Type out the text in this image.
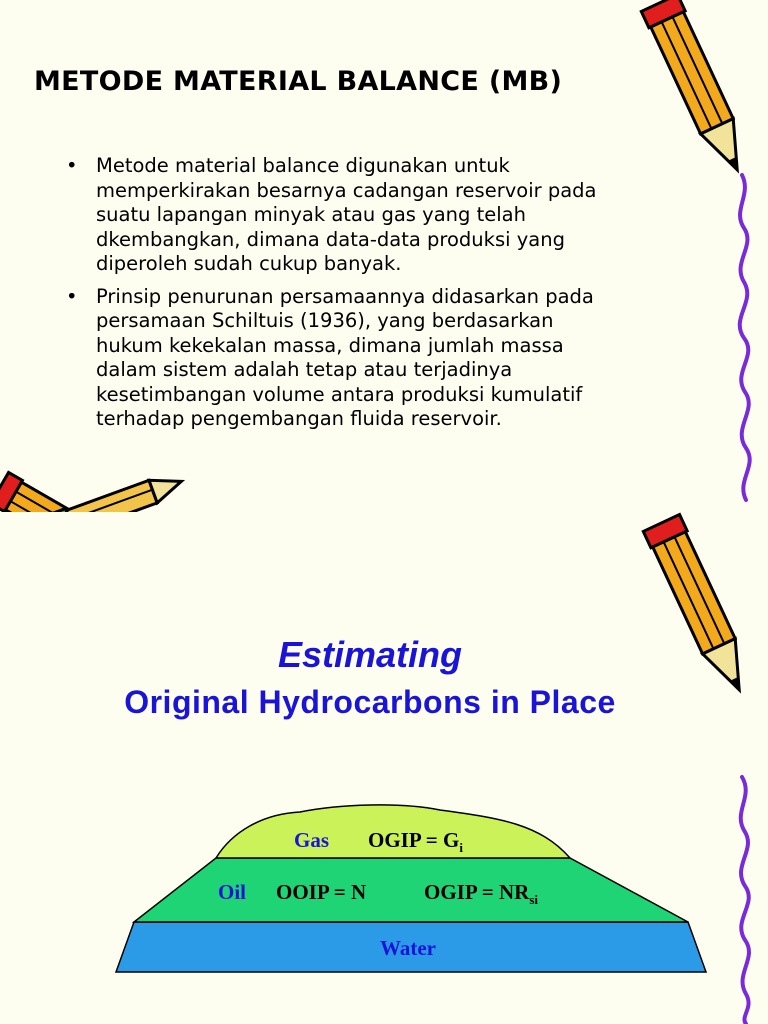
METODE MATERIAL BALANCE (MB)
• Metode material balance digunakan untuk
memperkirakan besarnya cadangan reservoir pada
suatu lapangan minyak atau gas yang telah
dkembangkan, dimana data-data produksi yang
diperoleh sudah cukup banyak.
• Prinsip penurunan persamaannya didasarkan pada
persamaan Schiltuis (1936), yang berdasarkan
hukum kekekalan massa, dimana jumlah massa
dalam sistem adalah tetap atau terjadinya
kesetimbangan volume antara produksi kumulatif
terhadap pengembangan fluida reservoir.
Estimating
Original Hydrocarbons in Place
Gas OGIP = $G_i$
Oil OOIP = N	OGIP = $NR_{si}$
Water
